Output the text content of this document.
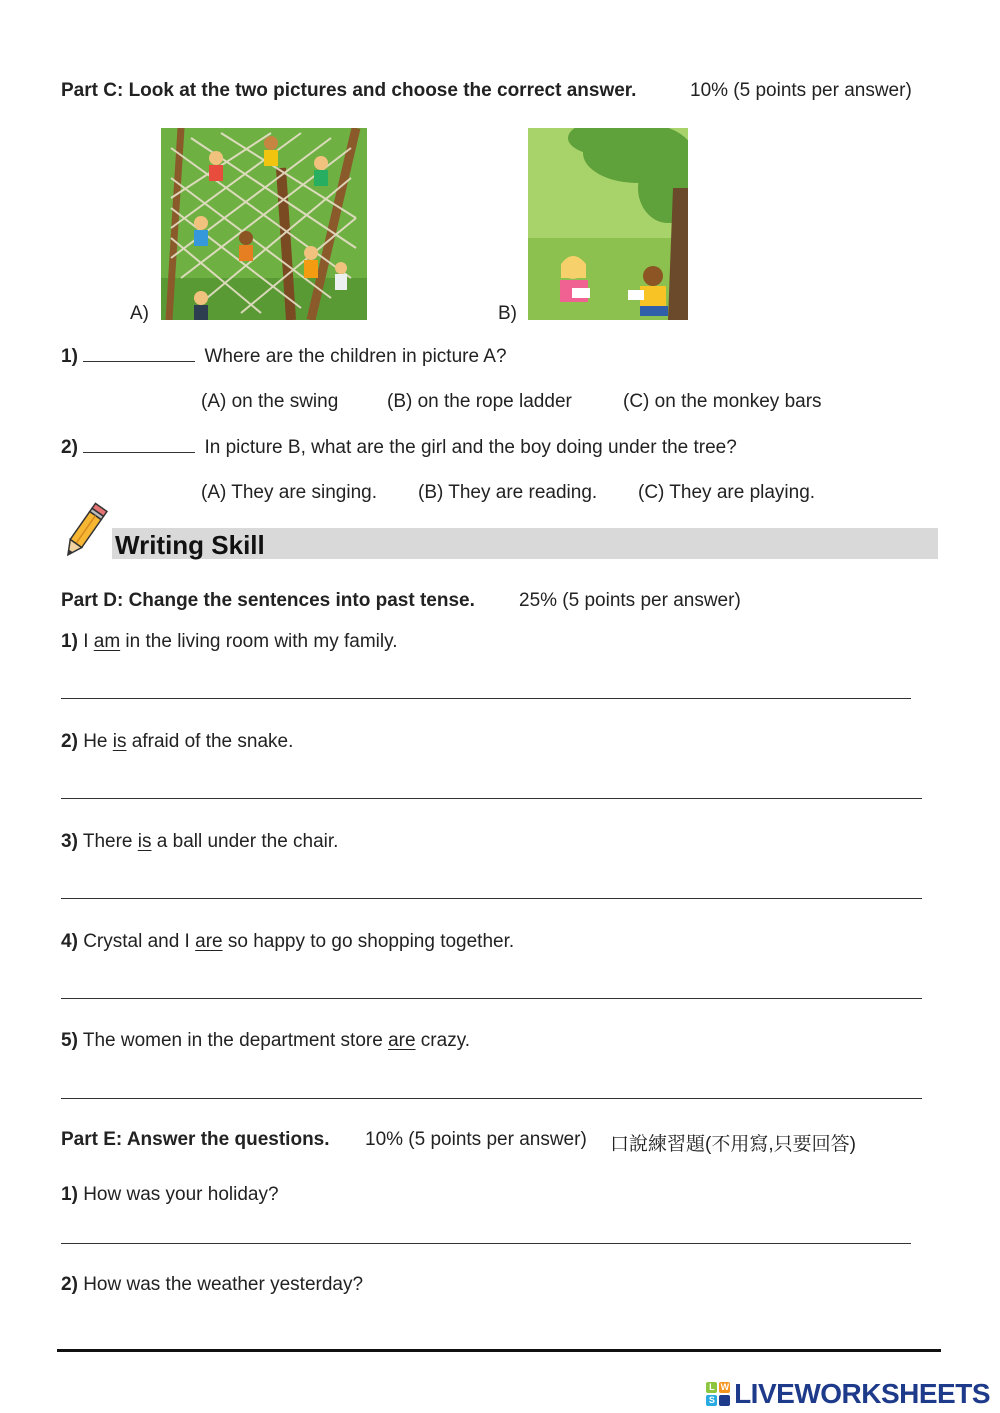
Part C: Look at the two pictures and choose the correct answer.	10% (5 points per answer)
A)	B)
1)	Where are the children in picture A?
(A) on the swing	(B) on the rope ladder	(C) on the monkey bars
2)	In picture B, what are the girl and the boy doing under the tree?
(A) They are singing. (B) They are reading. (C) They are playing.
Writing Skill
Part D: Change the sentences into past tense. 25% (5 points per answer)
1) I am in the living room with my family.
2) He is afraid of the snake.
3) There is a ball under the chair.
4) Crystal and I are so happy to go shopping together.
5) The women in the department store are crazy.
Part E: Answer the questions. 10% (5 points per answer) 口說練習題(不用寫,只要回答)
1) How was your holiday?
2) How was the weather yesterday?
L W
S LIVEWORKSHEETS
